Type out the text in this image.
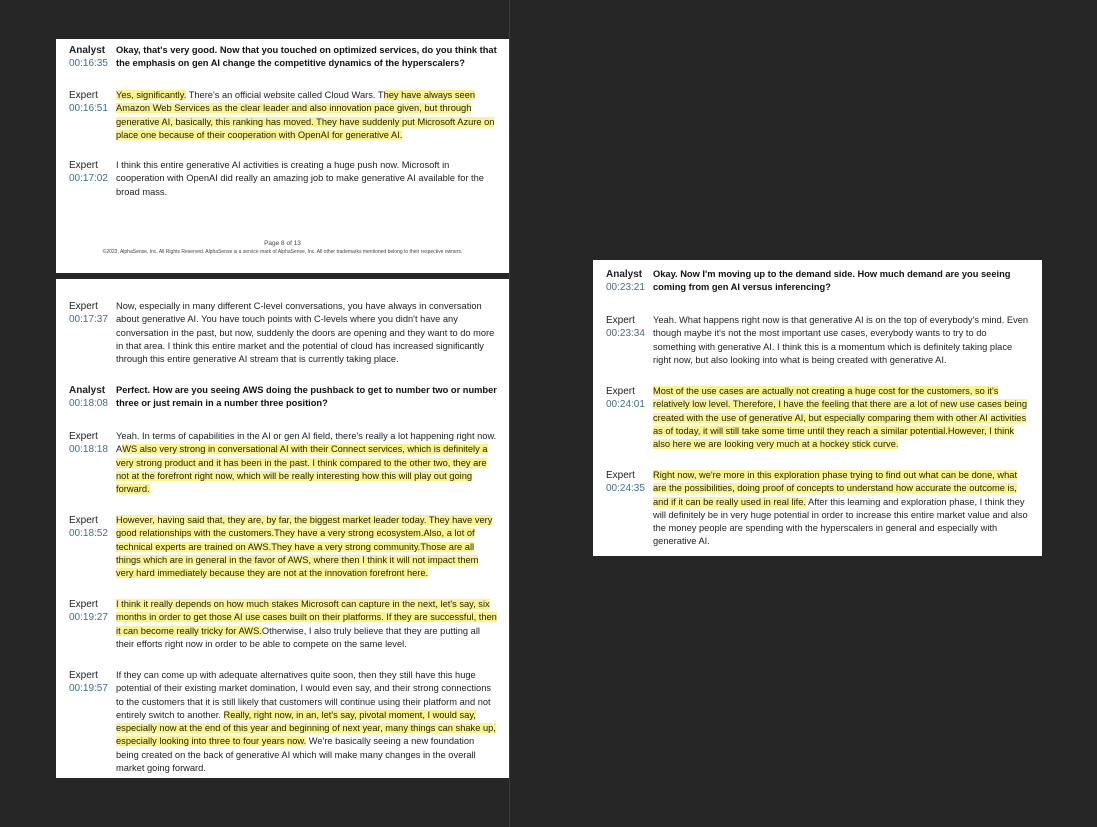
Analyst
00:16:35
Okay, that's very good. Now that you touched on optimized services, do you think that the emphasis on gen AI change the competitive dynamics of the hyperscalers?
Expert
00:16:51
Yes, significantly. There's an official website called Cloud Wars. They have always seen Amazon Web Services as the clear leader and also innovation pace given, but through generative AI, basically, this ranking has moved. They have suddenly put Microsoft Azure on place one because of their cooperation with OpenAI for generative AI.
Expert
00:17:02
I think this entire generative AI activities is creating a huge push now. Microsoft in cooperation with OpenAI did really an amazing job to make generative AI available for the broad mass.
Page 8 of 13
©2023, AlphaSense, Inc. All Rights Reserved. AlphaSense is a service mark of AlphaSense, Inc. All other trademarks mentioned belong to their respective owners.
Expert
00:17:37
Now, especially in many different C-level conversations, you have always in conversation about generative AI. You have touch points with C-levels where you didn't have any conversation in the past, but now, suddenly the doors are opening and they want to do more in that area. I think this entire market and the potential of cloud has increased significantly through this entire generative AI stream that is currently taking place.
Analyst
00:18:08
Perfect. How are you seeing AWS doing the pushback to get to number two or number three or just remain in a number three position?
Expert
00:18:18
Yeah. In terms of capabilities in the AI or gen AI field, there's really a lot happening right now. AWS also very strong in conversational AI with their Connect services, which is definitely a very strong product and it has been in the past. I think compared to the other two, they are not at the forefront right now, which will be really interesting how this will play out going forward.
Expert
00:18:52
However, having said that, they are, by far, the biggest market leader today. They have very good relationships with the customers.They have a very strong ecosystem.Also, a lot of technical experts are trained on AWS.They have a very strong community.Those are all things which are in general in the favor of AWS, where then I think it will not impact them very hard immediately because they are not at the innovation forefront here.
Expert
00:19:27
I think it really depends on how much stakes Microsoft can capture in the next, let's say, six months in order to get those AI use cases built on their platforms. If they are successful, then it can become really tricky for AWS.Otherwise, I also truly believe that they are putting all their efforts right now in order to be able to compete on the same level.
Expert
00:19:57
If they can come up with adequate alternatives quite soon, then they still have this huge potential of their existing market domination, I would even say, and their strong connections to the customers that it is still likely that customers will continue using their platform and not entirely switch to another. Really, right now, in an, let's say, pivotal moment, I would say, especially now at the end of this year and beginning of next year, many things can shake up, especially looking into three to four years now. We're basically seeing a new foundation being created on the back of generative AI which will make many changes in the overall market going forward.
Analyst
00:23:21
Okay. Now I'm moving up to the demand side. How much demand are you seeing coming from gen AI versus inferencing?
Expert
00:23:34
Yeah. What happens right now is that generative AI is on the top of everybody's mind. Even though maybe it's not the most important use cases, everybody wants to try to do something with generative AI. I think this is a momentum which is definitely taking place right now, but also looking into what is being created with generative AI.
Expert
00:24:01
Most of the use cases are actually not creating a huge cost for the customers, so it's relatively low level. Therefore, I have the feeling that there are a lot of new use cases being created with the use of generative AI, but especially comparing them with other AI activities as of today, it will still take some time until they reach a similar potential.However, I think also here we are looking very much at a hockey stick curve.
Expert
00:24:35
Right now, we're more in this exploration phase trying to find out what can be done, what are the possibilities, doing proof of concepts to understand how accurate the outcome is, and if it can be really used in real life. After this learning and exploration phase, I think they will definitely be in very huge potential in order to increase this entire market value and also the money people are spending with the hyperscalers in general and especially with generative AI.
